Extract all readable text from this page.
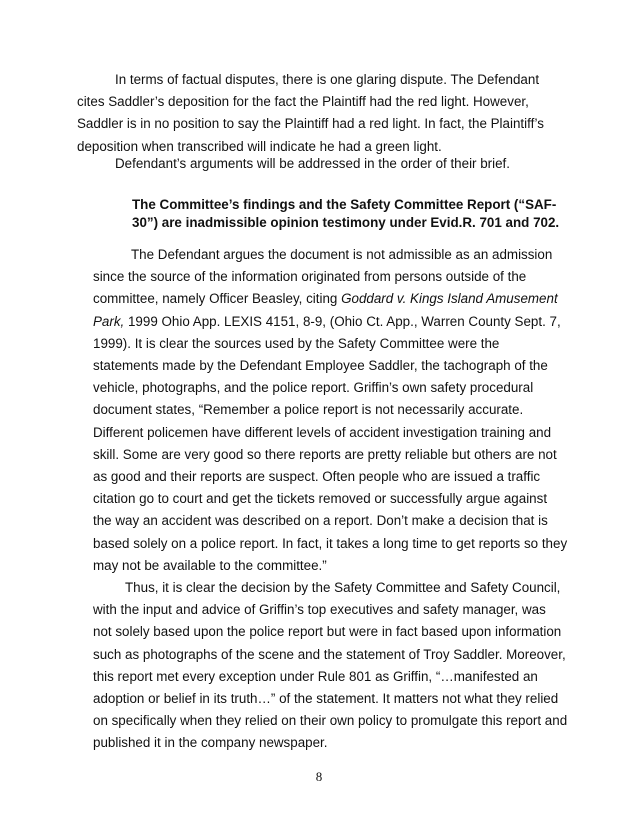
In terms of factual disputes, there is one glaring dispute. The Defendant cites Saddler’s deposition for the fact the Plaintiff had the red light. However, Saddler is in no position to say the Plaintiff had a red light. In fact, the Plaintiff’s deposition when transcribed will indicate he had a green light.

Defendant’s arguments will be addressed in the order of their brief.

The Committee’s findings and the Safety Committee Report (“SAF-30”) are inadmissible opinion testimony under Evid.R. 701 and 702.

The Defendant argues the document is not admissible as an admission since the source of the information originated from persons outside of the committee, namely Officer Beasley, citing Goddard v. Kings Island Amusement Park, 1999 Ohio App. LEXIS 4151, 8-9, (Ohio Ct. App., Warren County Sept. 7, 1999). It is clear the sources used by the Safety Committee were the statements made by the Defendant Employee Saddler, the tachograph of the vehicle, photographs, and the police report. Griffin’s own safety procedural document states, “Remember a police report is not necessarily accurate. Different policemen have different levels of accident investigation training and skill. Some are very good so there reports are pretty reliable but others are not as good and their reports are suspect. Often people who are issued a traffic citation go to court and get the tickets removed or successfully argue against the way an accident was described on a report. Don’t make a decision that is based solely on a police report. In fact, it takes a long time to get reports so they may not be available to the committee.”

Thus, it is clear the decision by the Safety Committee and Safety Council, with the input and advice of Griffin’s top executives and safety manager, was not solely based upon the police report but were in fact based upon information such as photographs of the scene and the statement of Troy Saddler. Moreover, this report met every exception under Rule 801 as Griffin, “…manifested an adoption or belief in its truth…” of the statement. It matters not what they relied on specifically when they relied on their own policy to promulgate this report and published it in the company newspaper.

8
